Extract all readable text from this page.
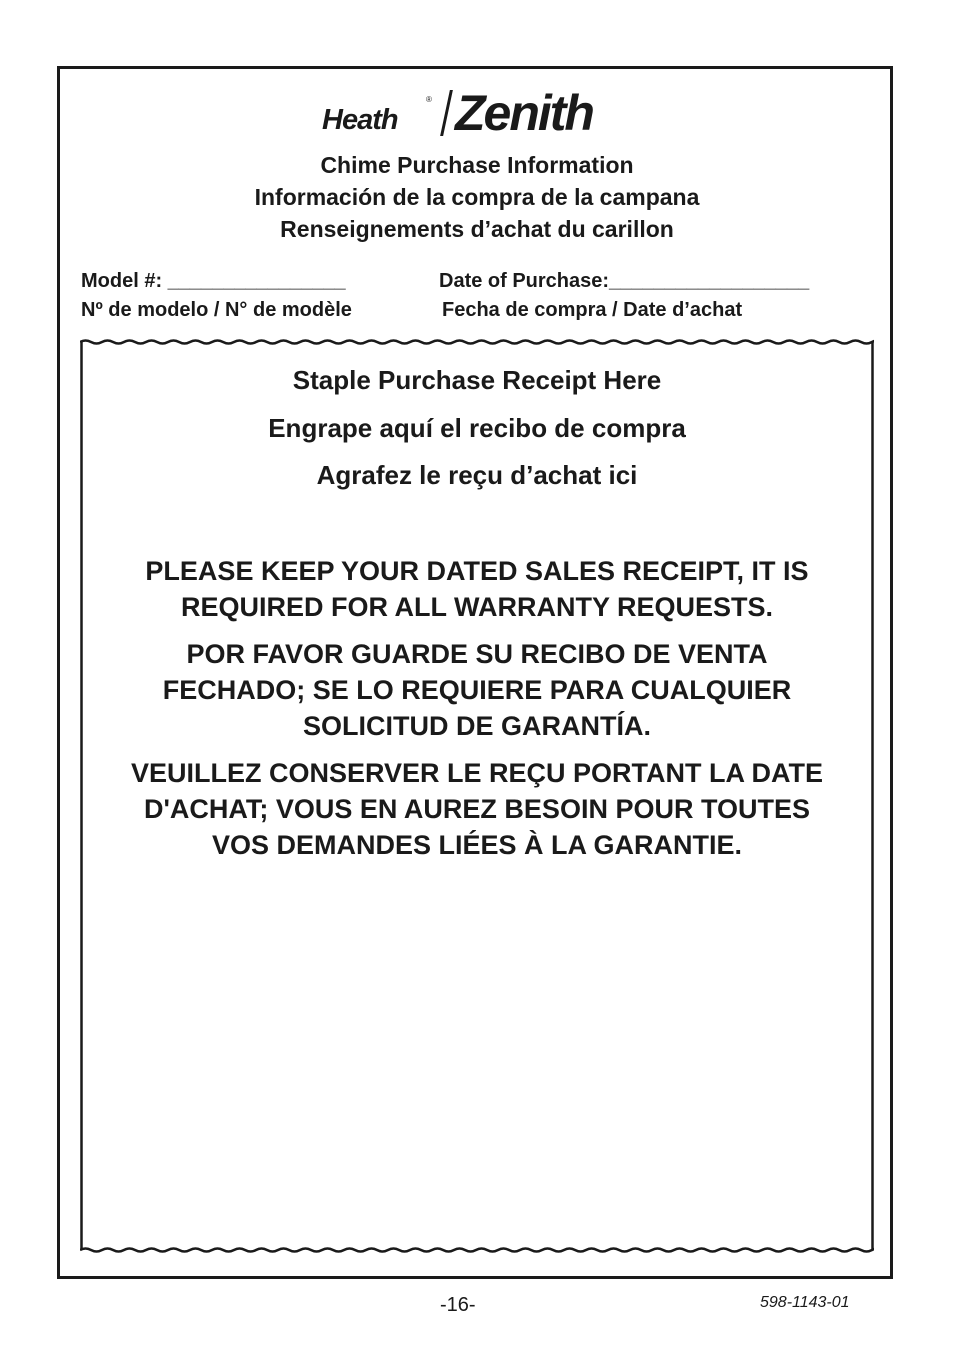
Heath
® Zenith
Chime Purchase Information
Información de la compra de la campana
Renseignements d’achat du carillon
Model #: ________________	Date of Purchase:__________________
Nº de modelo / N° de modèle	Fecha de compra / Date d’achat
Staple Purchase Receipt Here
Engrape aquí el recibo de compra
Agrafez le reçu d’achat ici
PLEASE KEEP YOUR DATED SALES RECEIPT, IT IS
REQUIRED FOR ALL WARRANTY REQUESTS.
POR FAVOR GUARDE SU RECIBO DE VENTA
FECHADO; SE LO REQUIERE PARA CUALQUIER
SOLICITUD DE GARANTÍA.
VEUILLEZ CONSERVER LE REÇU PORTANT LA DATE
D'ACHAT; VOUS EN AUREZ BESOIN POUR TOUTES
VOS DEMANDES LIÉES À LA GARANTIE.
-16-	598-1143-01
